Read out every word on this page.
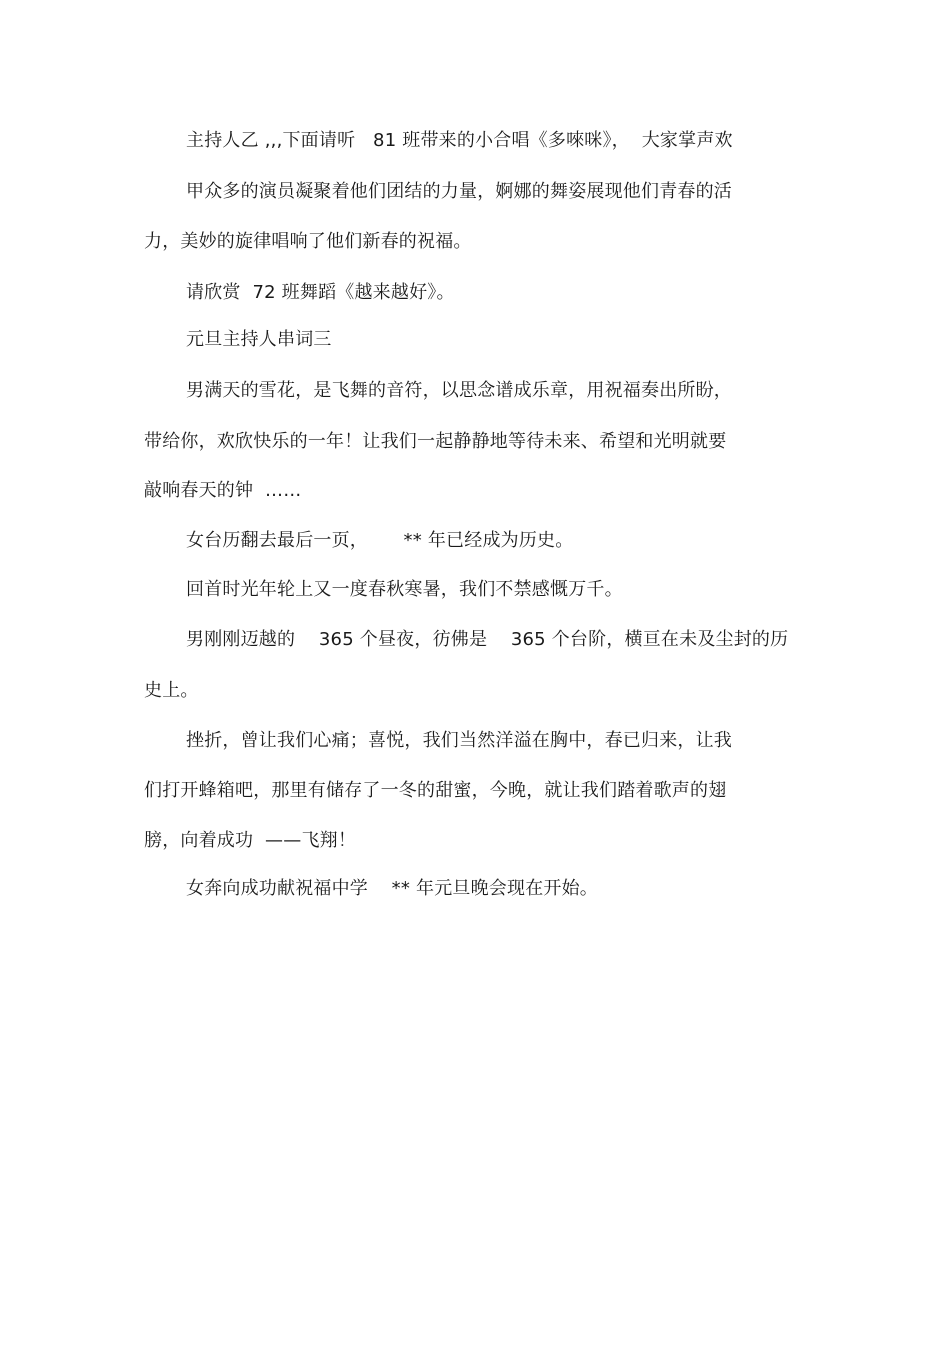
主持人乙 ,,,下面请听   81 班带来的小合唱《多唻咪》，  大家掌声欢
甲众多的演员凝聚着他们团结的力量，婀娜的舞姿展现他们青春的活
力，美妙的旋律唱响了他们新春的祝福。
请欣赏  72 班舞蹈《越来越好》。
元旦主持人串词三
男满天的雪花，是飞舞的音符，以思念谱成乐章，用祝福奏出所盼，
带给你，欢欣快乐的一年！让我们一起静静地等待未来、希望和光明就要
敲响春天的钟  ……
女台历翻去最后一页，      ** 年已经成为历史。
回首时光年轮上又一度春秋寒暑，我们不禁感慨万千。
男刚刚迈越的    365 个昼夜，彷佛是    365 个台阶，横亘在未及尘封的历
史上。
挫折，曾让我们心痛；喜悦，我们当然洋溢在胸中，春已归来，让我
们打开蜂箱吧，那里有储存了一冬的甜蜜，今晚，就让我们踏着歌声的翅
膀，向着成功  ——飞翔！
女奔向成功献祝福中学    ** 年元旦晚会现在开始。
